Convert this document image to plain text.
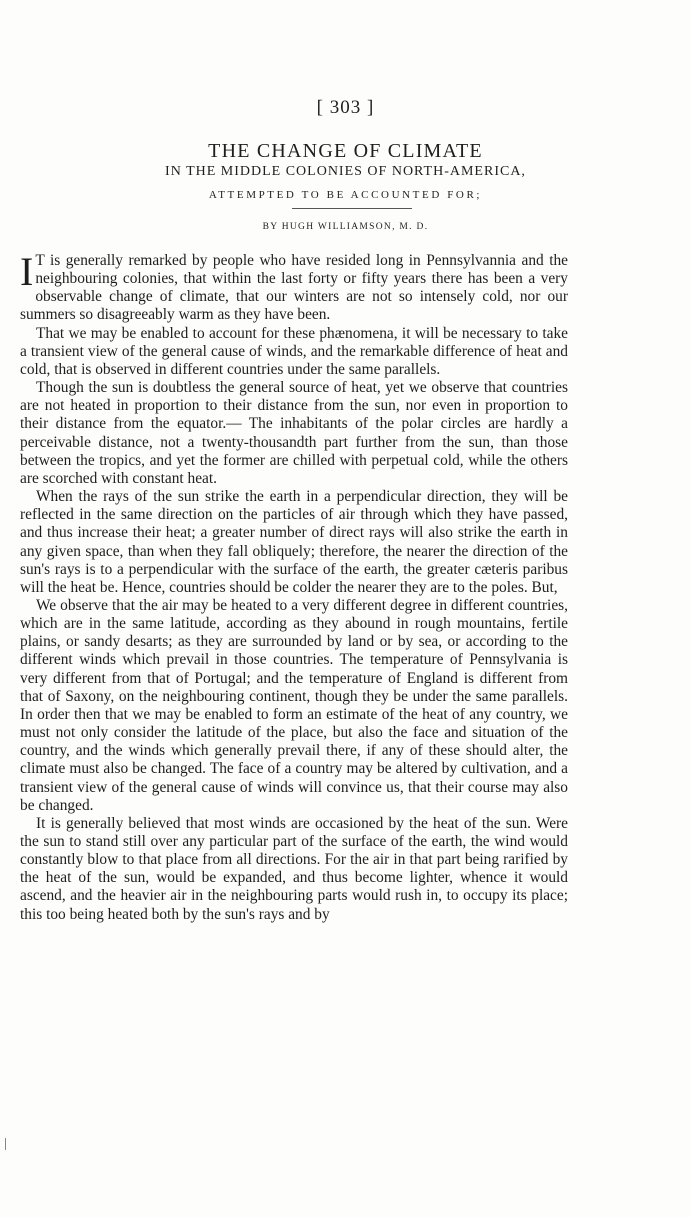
[ 303 ]
THE CHANGE OF CLIMATE
IN THE MIDDLE COLONIES OF NORTH-AMERICA,
ATTEMPTED TO BE ACCOUNTED FOR;
BY HUGH WILLIAMSON, M. D.

I T is generally remarked by people who have resided long in Pennsylvannia and the neighbouring colonies, that within the last forty or fifty years there has been a very observable change of climate, that our winters are not so intensely cold, nor our summers so disagreeably warm as they have been.

That we may be enabled to account for these phænomena, it will be necessary to take a transient view of the general cause of winds, and the remarkable difference of heat and cold, that is observed in different countries under the same parallels.

Though the sun is doubtless the general source of heat, yet we observe that countries are not heated in proportion to their distance from the sun, nor even in proportion to their distance from the equator.— The inhabitants of the polar circles are hardly a perceivable distance, not a twenty-thousandth part further from the sun, than those between the tropics, and yet the former are chilled with perpetual cold, while the others are scorched with constant heat.

When the rays of the sun strike the earth in a perpendicular direction, they will be reflected in the same direction on the particles of air through which they have passed, and thus increase their heat; a greater number of direct rays will also strike the earth in any given space, than when they fall obliquely; therefore, the nearer the direction of the sun's rays is to a perpendicular with the surface of the earth, the greater cæteris paribus will the heat be. Hence, countries should be colder the nearer they are to the poles. But,

We observe that the air may be heated to a very different degree in different countries, which are in the same latitude, according as they abound in rough mountains, fertile plains, or sandy desarts; as they are surrounded by land or by sea, or according to the different winds which prevail in those countries. The temperature of Pennsylvania is very different from that of Portugal; and the temperature of England is different from that of Saxony, on the neighbouring continent, though they be under the same parallels. In order then that we may be enabled to form an estimate of the heat of any country, we must not only consider the latitude of the place, but also the face and situation of the country, and the winds which generally prevail there, if any of these should alter, the climate must also be changed. The face of a country may be altered by cultivation, and a transient view of the general cause of winds will convince us, that their course may also be changed.

It is generally believed that most winds are occasioned by the heat of the sun. Were the sun to stand still over any particular part of the surface of the earth, the wind would constantly blow to that place from all directions. For the air in that part being rarified by the heat of the sun, would be expanded, and thus become lighter, whence it would ascend, and the heavier air in the neighbouring parts would rush in, to occupy its place; this too being heated both by the sun's rays and by
